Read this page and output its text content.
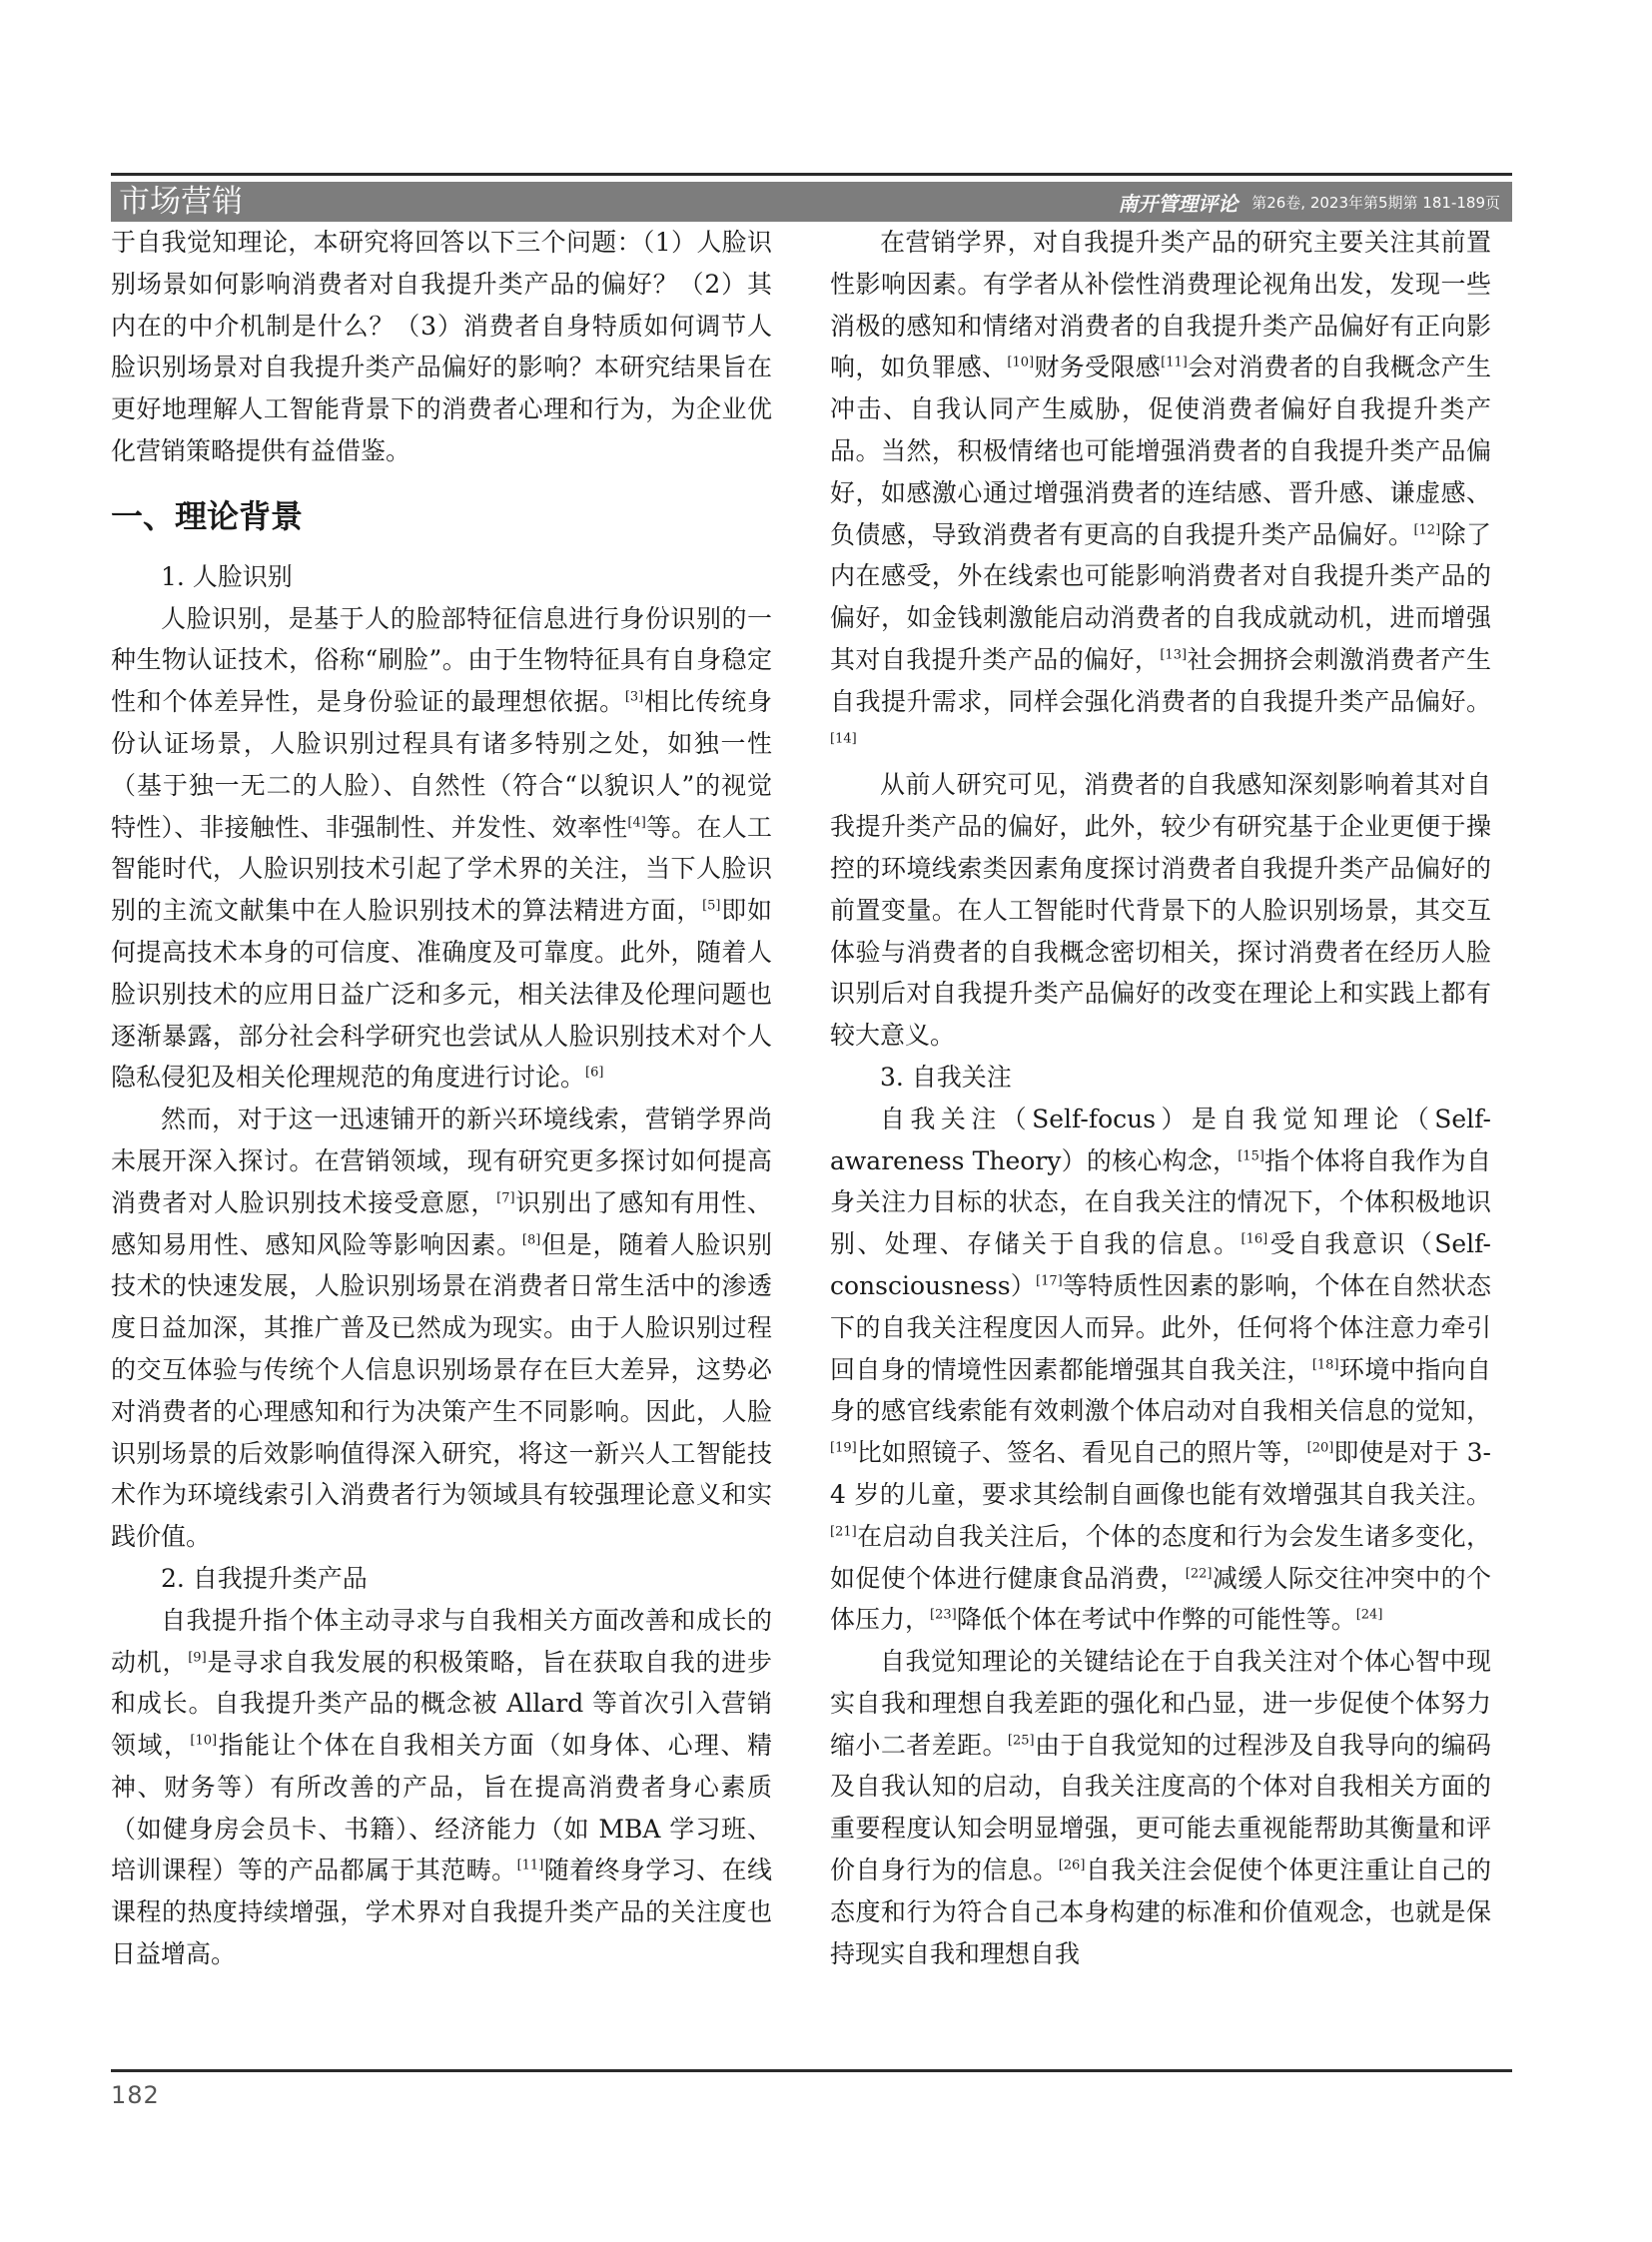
市场营销	南开管理评论 第26卷, 2023年第5期第 181-189页

于自我觉知理论，本研究将回答以下三个问题：（1）人脸识别场景如何影响消费者对自我提升类产品的偏好？（2）其内在的中介机制是什么？（3）消费者自身特质如何调节人脸识别场景对自我提升类产品偏好的影响？本研究结果旨在更好地理解人工智能背景下的消费者心理和行为，为企业优化营销策略提供有益借鉴。

一、理论背景

1. 人脸识别

人脸识别，是基于人的脸部特征信息进行身份识别的一种生物认证技术，俗称“刷脸”。由于生物特征具有自身稳定性和个体差异性，是身份验证的最理想依据。[3]相比传统身份认证场景，人脸识别过程具有诸多特别之处，如独一性（基于独一无二的人脸）、自然性（符合“以貌识人”的视觉特性）、非接触性、非强制性、并发性、效率性[4]等。在人工智能时代，人脸识别技术引起了学术界的关注，当下人脸识别的主流文献集中在人脸识别技术的算法精进方面，[5]即如何提高技术本身的可信度、准确度及可靠度。此外，随着人脸识别技术的应用日益广泛和多元，相关法律及伦理问题也逐渐暴露，部分社会科学研究也尝试从人脸识别技术对个人隐私侵犯及相关伦理规范的角度进行讨论。[6]

然而，对于这一迅速铺开的新兴环境线索，营销学界尚未展开深入探讨。在营销领域，现有研究更多探讨如何提高消费者对人脸识别技术接受意愿，[7]识别出了感知有用性、感知易用性、感知风险等影响因素。[8]但是，随着人脸识别技术的快速发展，人脸识别场景在消费者日常生活中的渗透度日益加深，其推广普及已然成为现实。由于人脸识别过程的交互体验与传统个人信息识别场景存在巨大差异，这势必对消费者的心理感知和行为决策产生不同影响。因此，人脸识别场景的后效影响值得深入研究，将这一新兴人工智能技术作为环境线索引入消费者行为领域具有较强理论意义和实践价值。

2. 自我提升类产品

自我提升指个体主动寻求与自我相关方面改善和成长的动机，[9]是寻求自我发展的积极策略，旨在获取自我的进步和成长。自我提升类产品的概念被 Allard 等首次引入营销领域，[10]指能让个体在自我相关方面（如身体、心理、精神、财务等）有所改善的产品，旨在提高消费者身心素质（如健身房会员卡、书籍）、经济能力（如 MBA 学习班、培训课程）等的产品都属于其范畴。[11]随着终身学习、在线课程的热度持续增强，学术界对自我提升类产品的关注度也日益增高。

在营销学界，对自我提升类产品的研究主要关注其前置性影响因素。有学者从补偿性消费理论视角出发，发现一些消极的感知和情绪对消费者的自我提升类产品偏好有正向影响，如负罪感、[10]财务受限感[11]会对消费者的自我概念产生冲击、自我认同产生威胁，促使消费者偏好自我提升类产品。当然，积极情绪也可能增强消费者的自我提升类产品偏好，如感激心通过增强消费者的连结感、晋升感、谦虚感、负债感，导致消费者有更高的自我提升类产品偏好。[12]除了内在感受，外在线索也可能影响消费者对自我提升类产品的偏好，如金钱刺激能启动消费者的自我成就动机，进而增强其对自我提升类产品的偏好，[13]社会拥挤会刺激消费者产生自我提升需求，同样会强化消费者的自我提升类产品偏好。[14]

从前人研究可见，消费者的自我感知深刻影响着其对自我提升类产品的偏好，此外，较少有研究基于企业更便于操控的环境线索类因素角度探讨消费者自我提升类产品偏好的前置变量。在人工智能时代背景下的人脸识别场景，其交互体验与消费者的自我概念密切相关，探讨消费者在经历人脸识别后对自我提升类产品偏好的改变在理论上和实践上都有较大意义。

3. 自我关注

自我关注（Self-focus）是自我觉知理论（Self-awareness Theory）的核心构念，[15]指个体将自我作为自身关注力目标的状态，在自我关注的情况下，个体积极地识别、处理、存储关于自我的信息。[16]受自我意识（Self-consciousness）[17]等特质性因素的影响，个体在自然状态下的自我关注程度因人而异。此外，任何将个体注意力牵引回自身的情境性因素都能增强其自我关注，[18]环境中指向自身的感官线索能有效刺激个体启动对自我相关信息的觉知，[19]比如照镜子、签名、看见自己的照片等，[20]即使是对于 3-4 岁的儿童，要求其绘制自画像也能有效增强其自我关注。[21]在启动自我关注后，个体的态度和行为会发生诸多变化，如促使个体进行健康食品消费，[22]减缓人际交往冲突中的个体压力，[23]降低个体在考试中作弊的可能性等。[24]

自我觉知理论的关键结论在于自我关注对个体心智中现实自我和理想自我差距的强化和凸显，进一步促使个体努力缩小二者差距。[25]由于自我觉知的过程涉及自我导向的编码及自我认知的启动，自我关注度高的个体对自我相关方面的重要程度认知会明显增强，更可能去重视能帮助其衡量和评价自身行为的信息。[26]自我关注会促使个体更注重让自己的态度和行为符合自己本身构建的标准和价值观念，也就是保持现实自我和理想自我

182
